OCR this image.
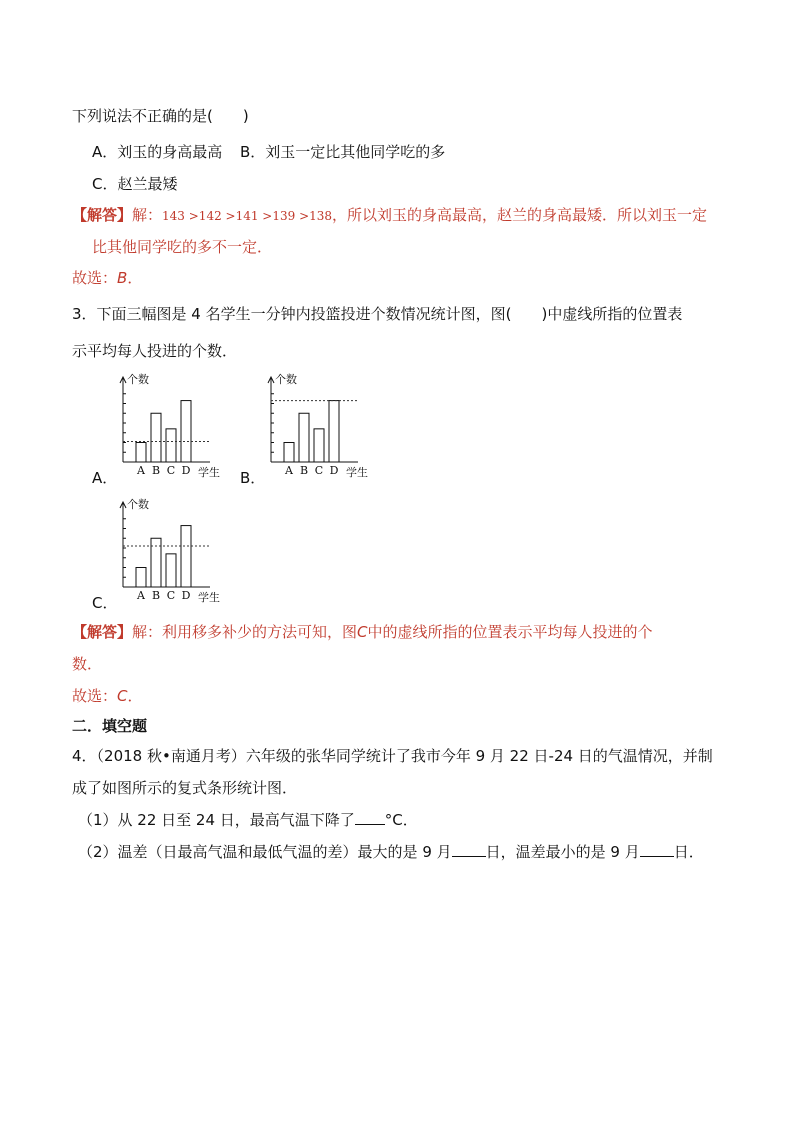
下列说法不正确的是(　　)
A．刘玉的身高最高 B．刘玉一定比其他同学吃的多
C．赵兰最矮
【解答】解：143 >142 >141 >139 >138，所以刘玉的身高最高，赵兰的身高最矮．所以刘玉一定
比其他同学吃的多不一定．
故选：B．
3．下面三幅图是 4 名学生一分钟内投篮投进个数情况统计图，图(　　)中虚线所指的位置表
示平均每人投进的个数．
个数
A B C D 学生
A．
个数
A B C D 学生
B．
个数
A B C D 学生
C．
【解答】解：利用移多补少的方法可知，图C中的虚线所指的位置表示平均每人投进的个
数．
故选：C．
二．填空题
4．（2018 秋•南通月考）六年级的张华同学统计了我市今年 9 月 22 日-24 日的气温情况，并制
成了如图所示的复式条形统计图．
（1）从 22 日至 24 日，最高气温下降了 °C．
（2）温差（日最高气温和最低气温的差）最大的是 9 月 日，温差最小的是 9 月 日．
